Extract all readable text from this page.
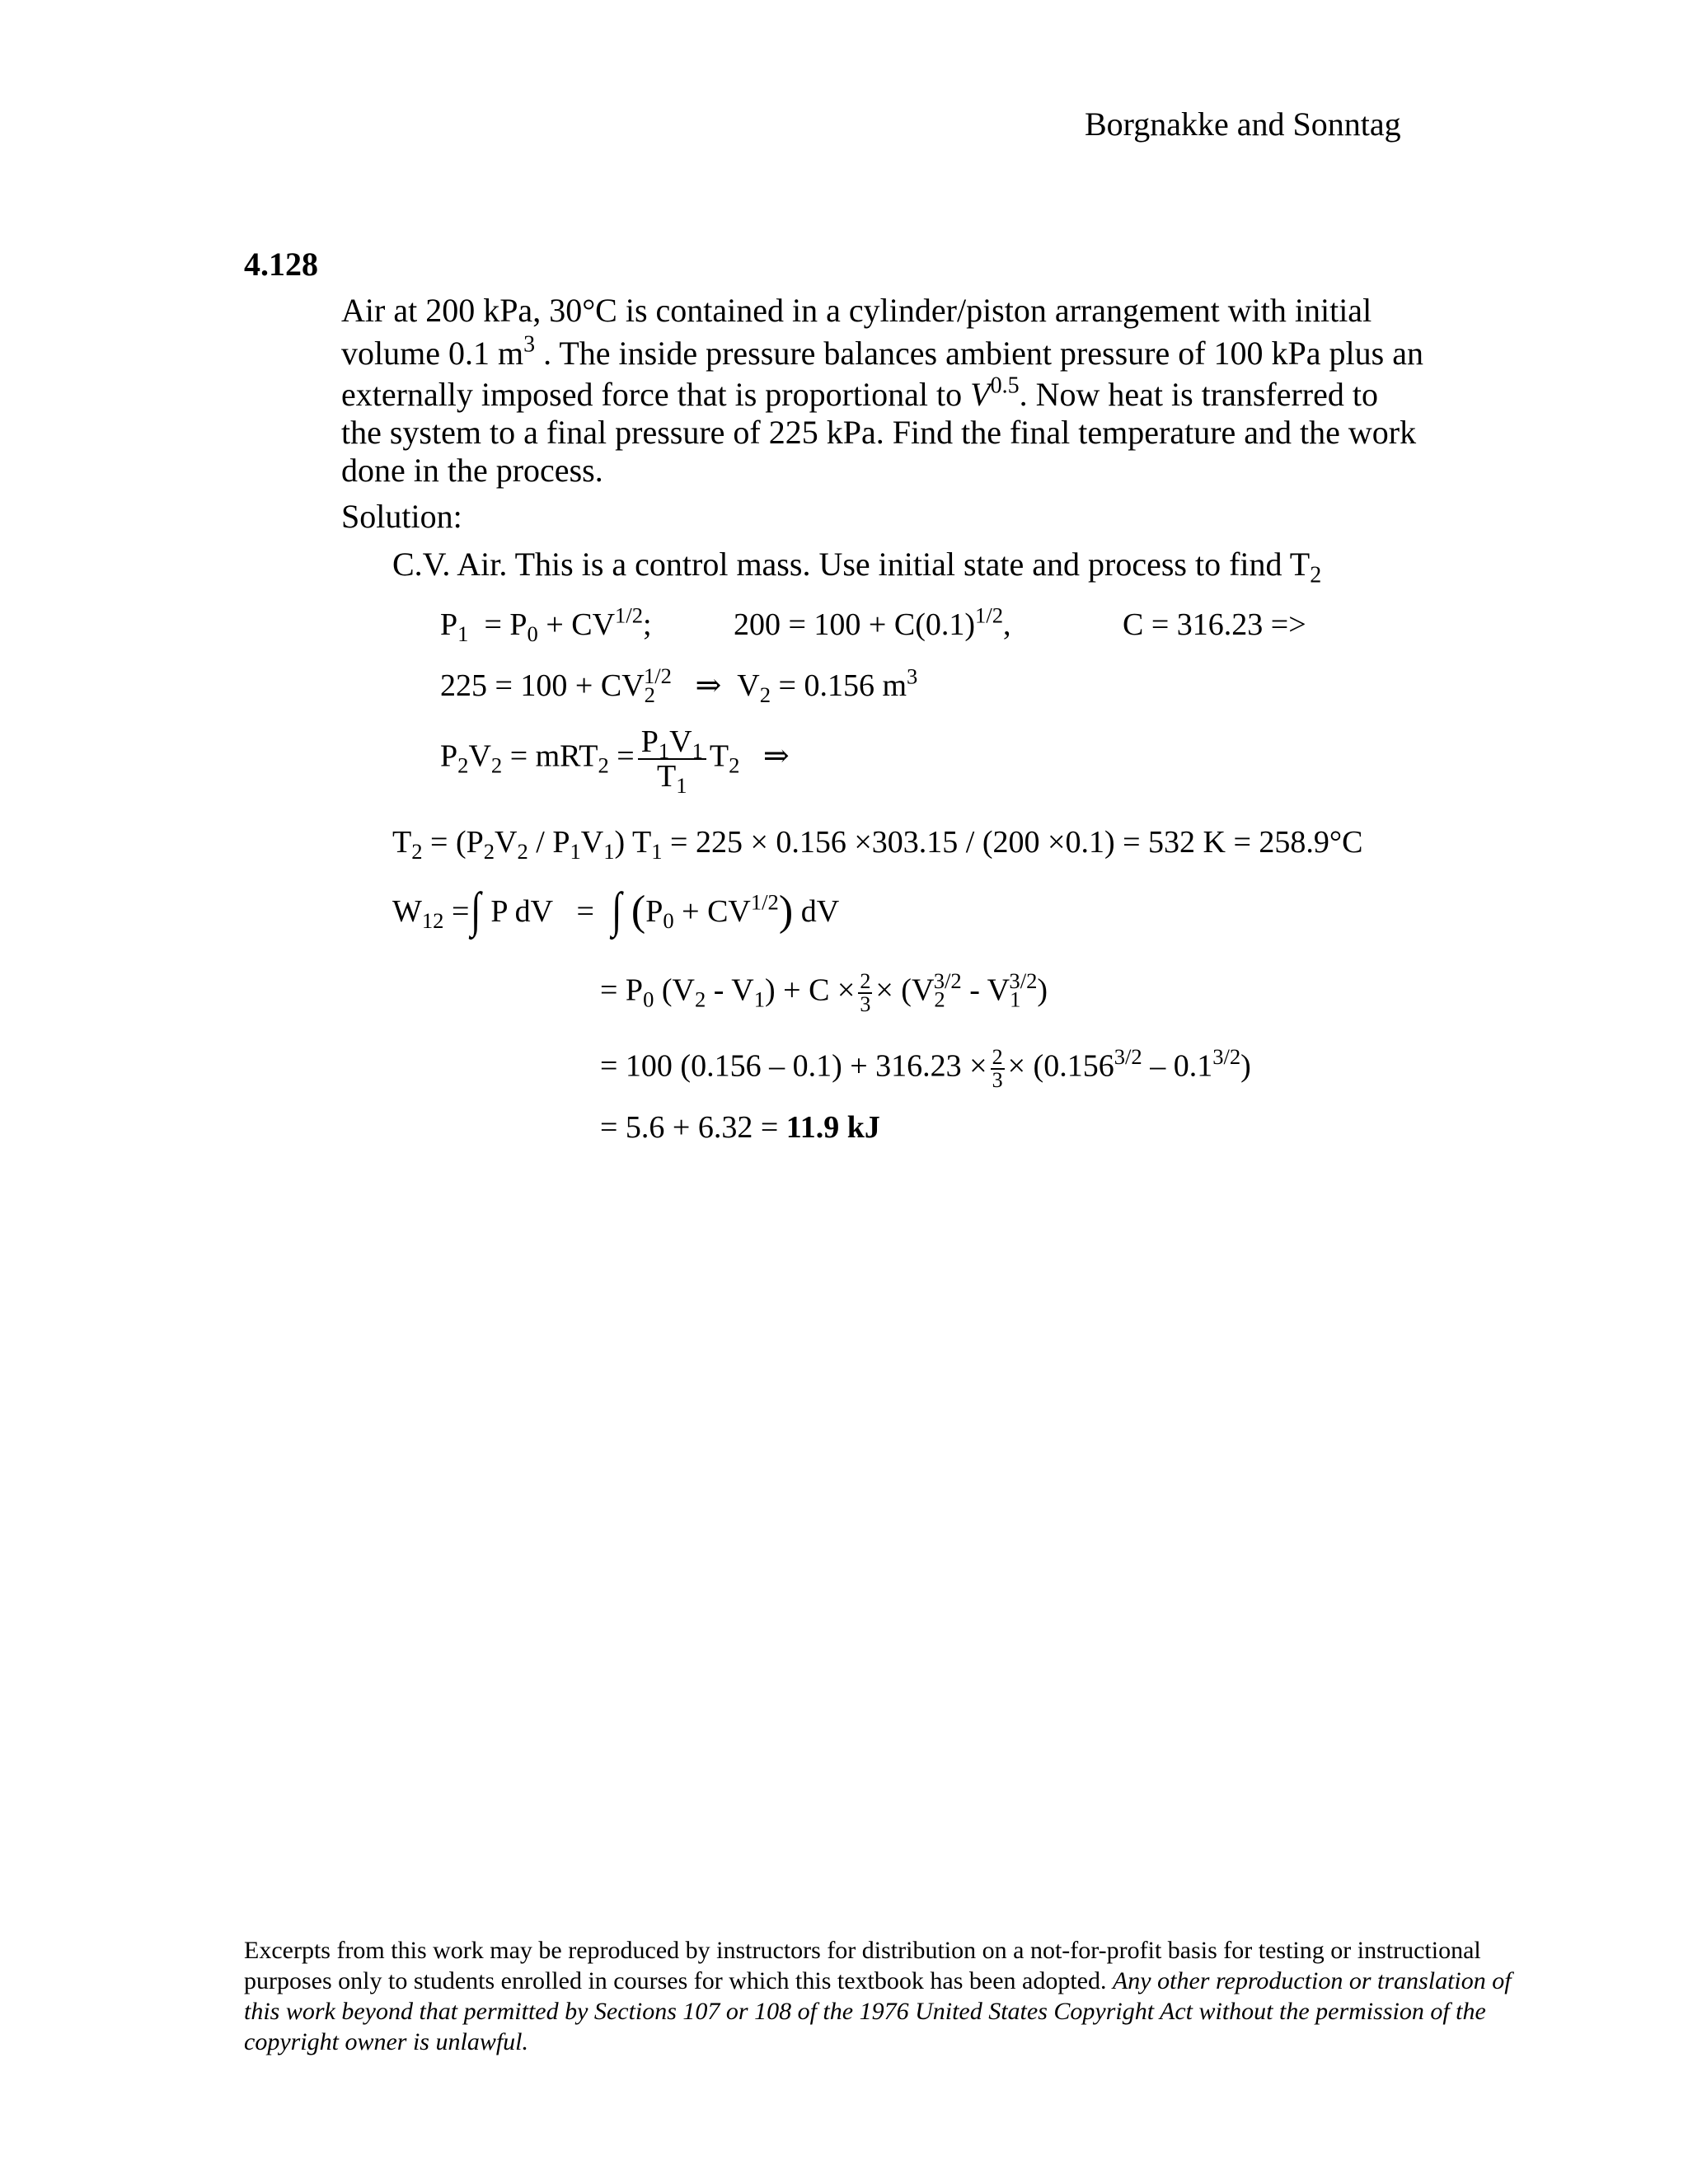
Borgnakke and Sonntag
4.128
Air at 200 kPa, 30°C is contained in a cylinder/piston arrangement with initial
volume 0.1 $m^3$ . The inside pressure balances ambient pressure of 100 kPa plus an
externally imposed force that is proportional to $V^{0.5}$. Now heat is transferred to
the system to a final pressure of 225 kPa. Find the final temperature and the work
done in the process.
Solution:
C.V. Air. This is a control mass. Use initial state and process to find $T_2$
$P_1 = P_0 + CV^{1/2}$;	$200 = 100 + C(0.1)^{1/2}$,	C = 316.23 =>
$225 = 100 + CV_2^{1/2}$ ⇒ $V_2 = 0.156$ $m^3$
$P_2V_2 = mRT_2 = \frac{P_1V_1}{T_1} T_2$ ⇒
$T_2 = (P_2V_2 / P_1V_1) T_1 = 225 \times 0.156 \times 303.15 / (200 \times 0.1) = 532$ K = 258.9°C
$W_{12}$ =∫ P dV = ∫ $(P_0 + CV^{1/2})$ dV
= $P_0$ $(V_2 - V_1) + C \times \frac{2}{3} \times (V_2^{3/2} - V_1^{3/2})$
= 100 $(0.156 - 0.1) + 316.23 \times \frac{2}{3} \times (0.156^{3/2} - 0.1^{3/2})$
= 5.6 + 6.32 = 11.9 kJ
Excerpts from this work may be reproduced by instructors for distribution on a not-for-profit basis for testing or instructional purposes only to students enrolled in courses for which this textbook has been adopted. Any other reproduction or translation of this work beyond that permitted by Sections 107 or 108 of the 1976 United States Copyright Act without the permission of the copyright owner is unlawful.
